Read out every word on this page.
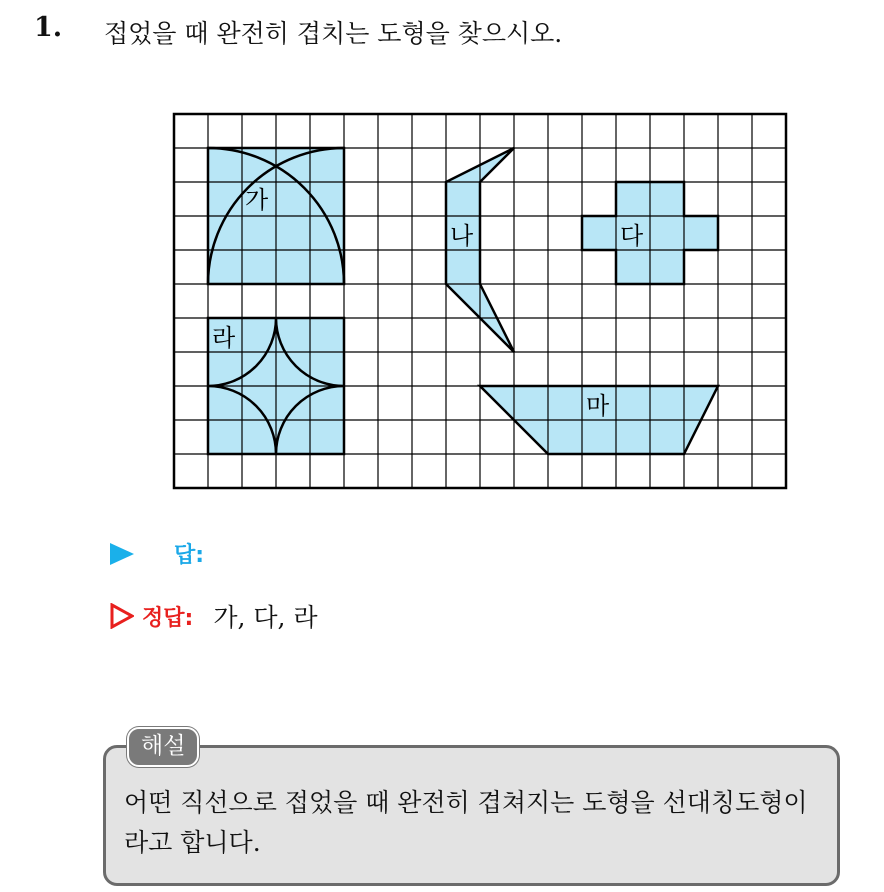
1. 접었을 때 완전히 겹치는 도형을 찾으시오.
가
나	다
라
마
답:
정답: 가, 다, 라
해설
어떤 직선으로 접었을 때 완전히 겹쳐지는 도형을 선대칭도형이 라고 합니다.
